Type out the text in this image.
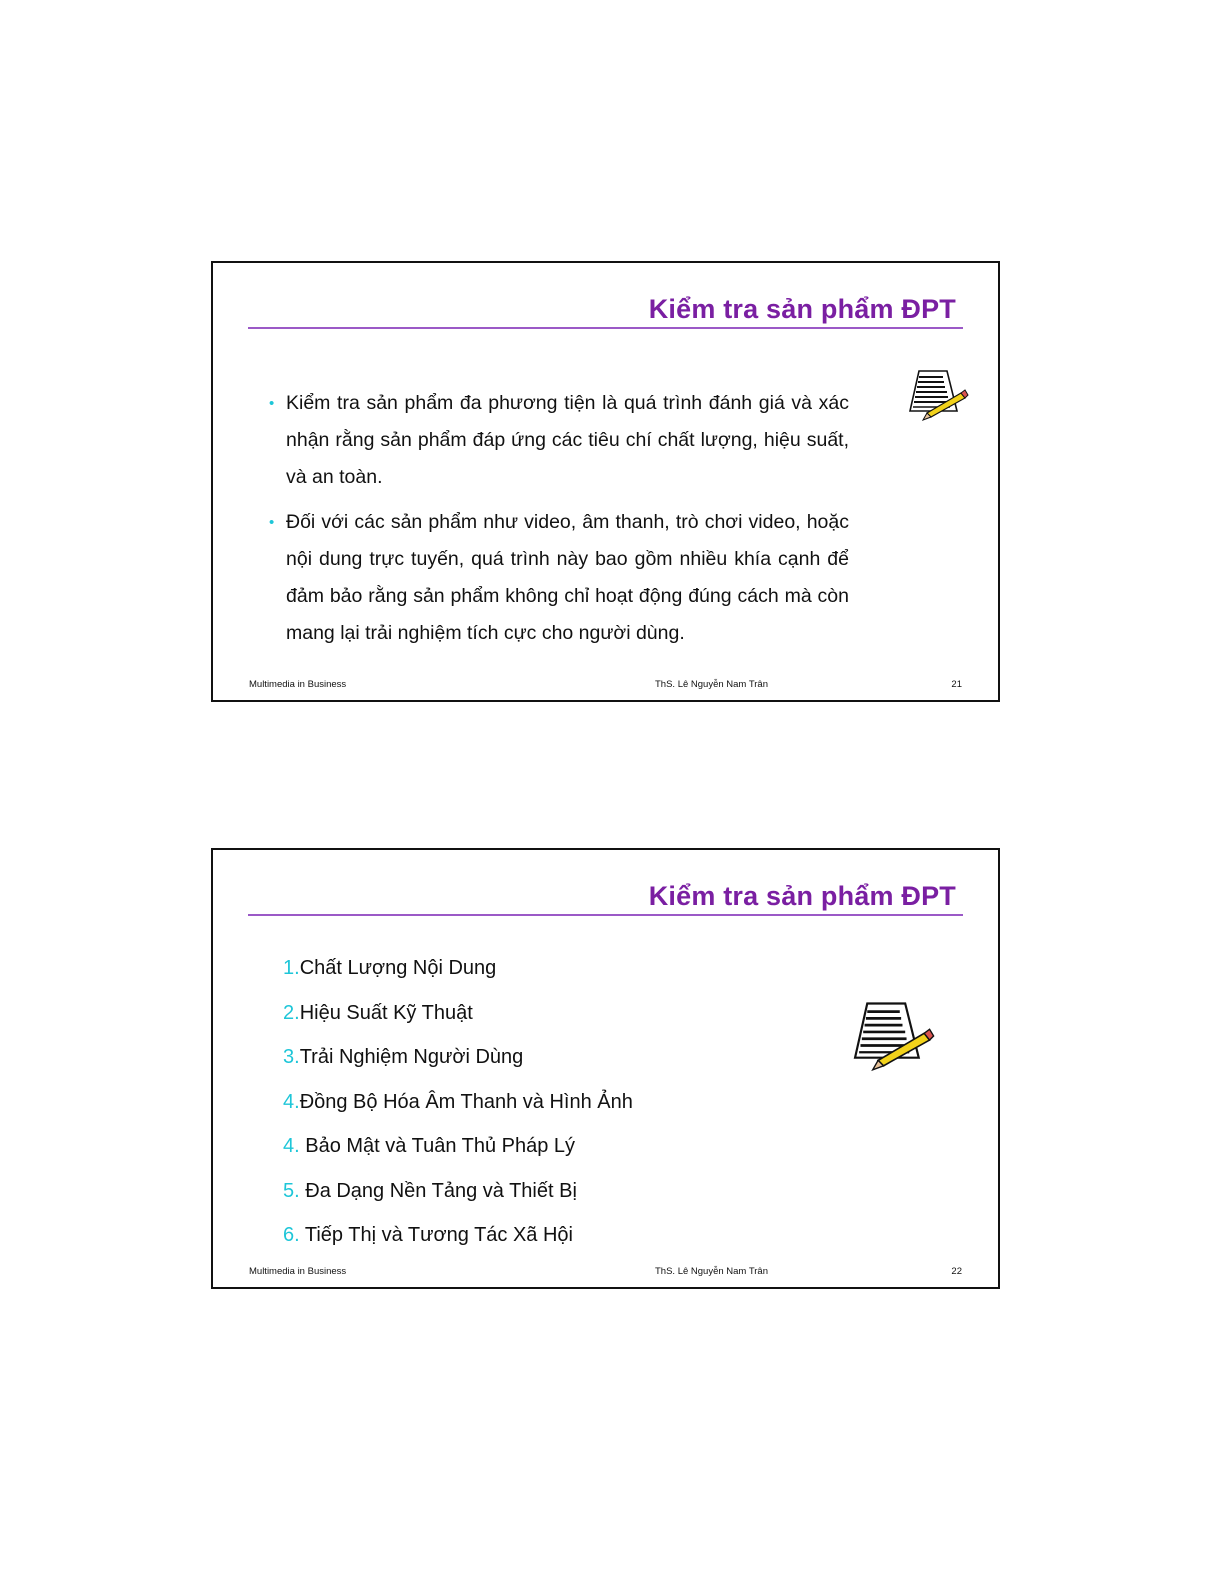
Kiểm tra sản phẩm ĐPT
• Kiểm tra sản phẩm đa phương tiện là quá trình đánh giá và xác nhận rằng sản phẩm đáp ứng các tiêu chí chất lượng, hiệu suất, và an toàn.
• Đối với các sản phẩm như video, âm thanh, trò chơi video, hoặc nội dung trực tuyến, quá trình này bao gồm nhiều khía cạnh để đảm bảo rằng sản phẩm không chỉ hoạt động đúng cách mà còn mang lại trải nghiệm tích cực cho người dùng.
Multimedia in Business	ThS. Lê Nguyễn Nam Trân	21
Kiểm tra sản phẩm ĐPT
1.Chất Lượng Nội Dung
2.Hiệu Suất Kỹ Thuật
3.Trải Nghiệm Người Dùng
4.Đồng Bộ Hóa Âm Thanh và Hình Ảnh
4. Bảo Mật và Tuân Thủ Pháp Lý
5. Đa Dạng Nền Tảng và Thiết Bị
6. Tiếp Thị và Tương Tác Xã Hội
Multimedia in Business	ThS. Lê Nguyễn Nam Trân	22
